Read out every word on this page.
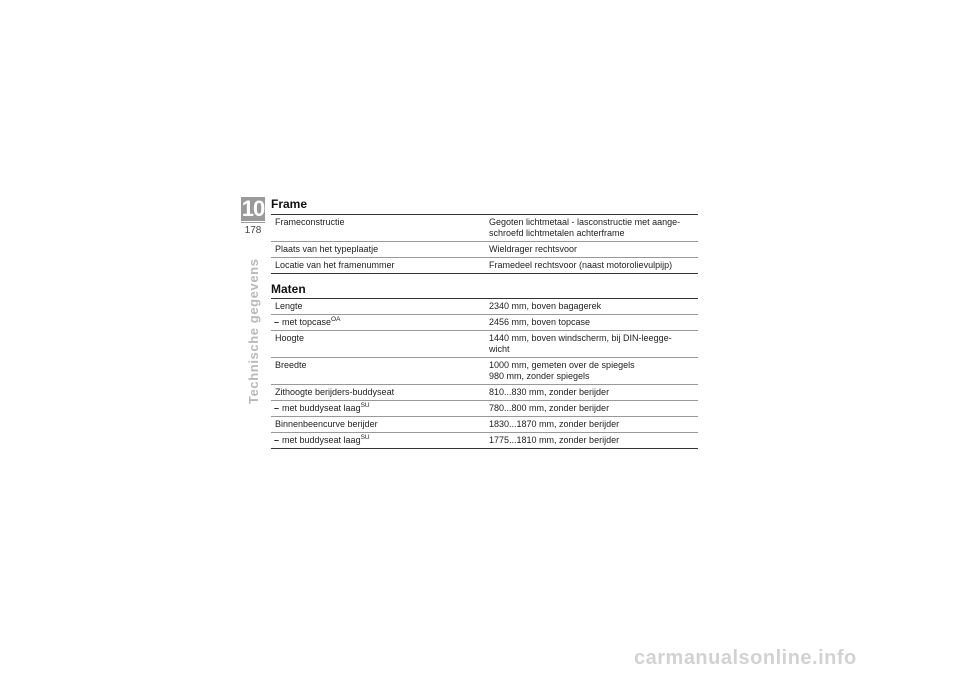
10
178
Technische gegevens
Frame
Frameconstructie	Gegoten lichtmetaal - lasconstructie met aange-
schroefd lichtmetalen achterframe

Plaats van het typeplaatje	Wieldrager rechtsvoor

Locatie van het framenummer	Framedeel rechtsvoor (naast motorolievulpijp)
Maten
Lengte	2340 mm, boven bagagerek

– met topcase$^{OA}$	2456 mm, boven topcase

Hoogte	1440 mm, boven windscherm, bij DIN-leegge-
wicht

Breedte	1000 mm, gemeten over de spiegels
980 mm, zonder spiegels

Zithoogte berijders-buddyseat	810...830 mm, zonder berijder

– met buddyseat laag$^{SU}$	780...800 mm, zonder berijder

Binnenbeencurve berijder	1830...1870 mm, zonder berijder

– met buddyseat laag$^{SU}$	1775...1810 mm, zonder berijder
carmanualsonline.info
